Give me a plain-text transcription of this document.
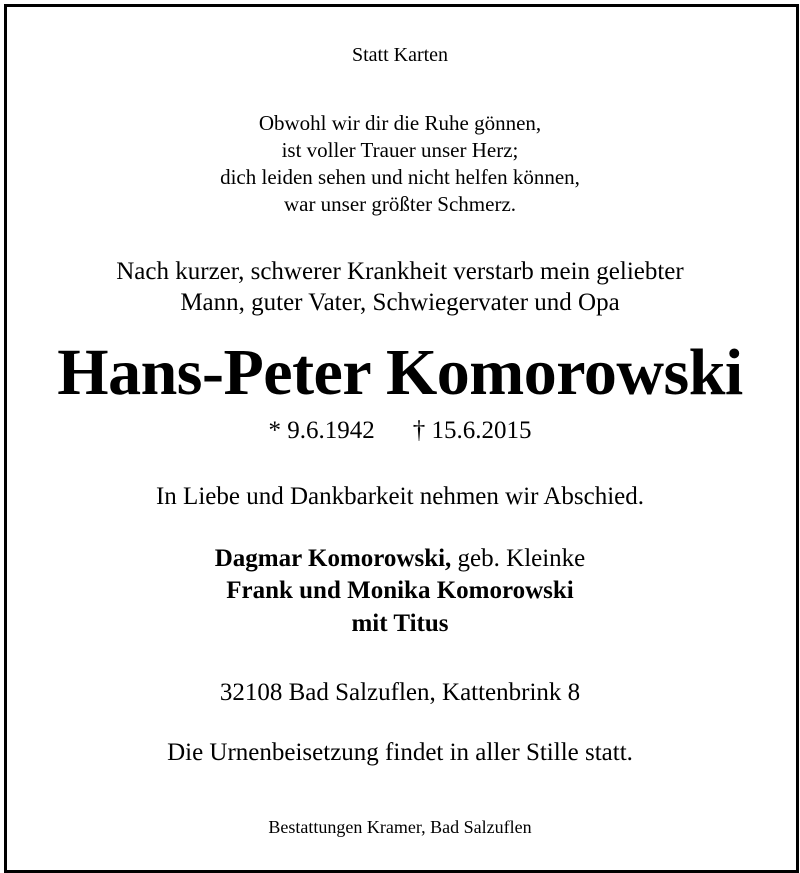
Statt Karten
Obwohl wir dir die Ruhe gönnen,
ist voller Trauer unser Herz;
dich leiden sehen und nicht helfen können,
war unser größter Schmerz.
Nach kurzer, schwerer Krankheit verstarb mein geliebter
Mann, guter Vater, Schwiegervater und Opa
Hans-Peter Komorowski
* 9.6.1942 † 15.6.2015
In Liebe und Dankbarkeit nehmen wir Abschied.
Dagmar Komorowski, geb. Kleinke
Frank und Monika Komorowski
mit Titus
32108 Bad Salzuflen, Kattenbrink 8
Die Urnenbeisetzung findet in aller Stille statt.
Bestattungen Kramer, Bad Salzuflen
